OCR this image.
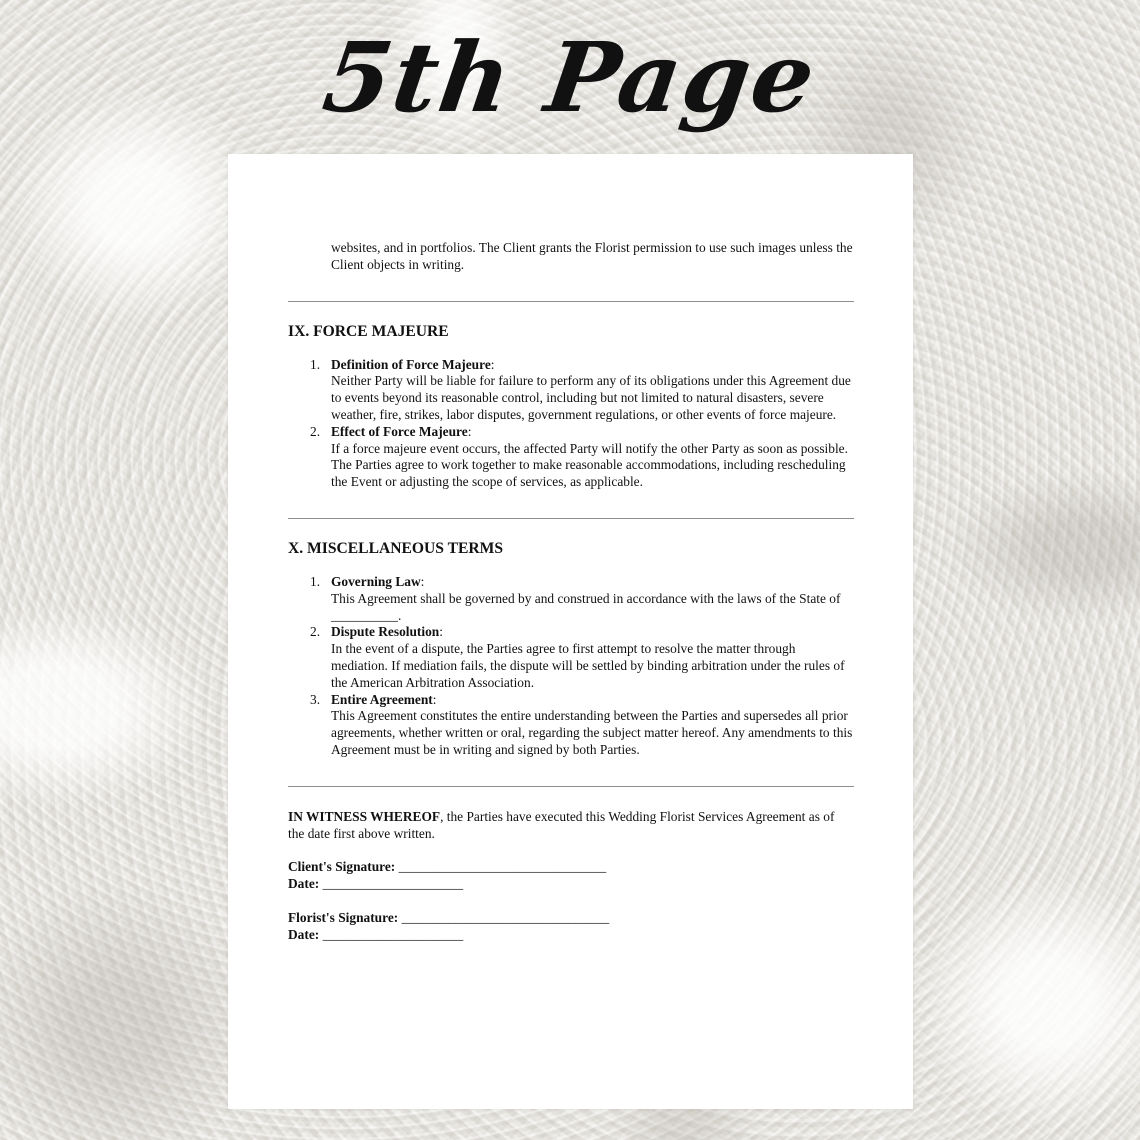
5th Page

websites, and in portfolios. The Client grants the Florist permission to use such images unless the Client objects in writing.

IX. FORCE MAJEURE
1. Definition of Force Majeure:
Neither Party will be liable for failure to perform any of its obligations under this Agreement due to events beyond its reasonable control, including but not limited to natural disasters, severe weather, fire, strikes, labor disputes, government regulations, or other events of force majeure.
2. Effect of Force Majeure:
If a force majeure event occurs, the affected Party will notify the other Party as soon as possible. The Parties agree to work together to make reasonable accommodations, including rescheduling the Event or adjusting the scope of services, as applicable.
X. MISCELLANEOUS TERMS
1. Governing Law:
This Agreement shall be governed by and construed in accordance with the laws of the State of __________.
2. Dispute Resolution:
In the event of a dispute, the Parties agree to first attempt to resolve the matter through mediation. If mediation fails, the dispute will be settled by binding arbitration under the rules of the American Arbitration Association.
3. Entire Agreement:
This Agreement constitutes the entire understanding between the Parties and supersedes all prior agreements, whether written or oral, regarding the subject matter hereof. Any amendments to this Agreement must be in writing and signed by both Parties.

IN WITNESS WHEREOF, the Parties have executed this Wedding Florist Services Agreement as of the date first above written.

Client's Signature: _______________________________
Date: _____________________
Florist's Signature: _______________________________
Date: _____________________
